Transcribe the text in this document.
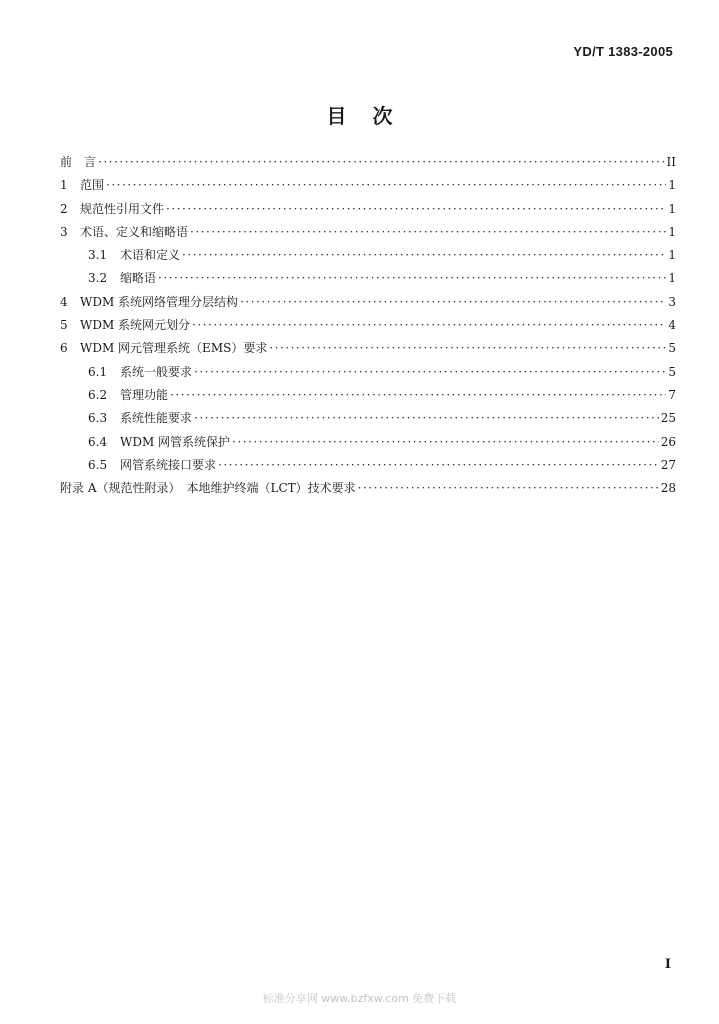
YD/T 1383-2005
目次
前　言 ·····	II
1	范围 ·····	1
2	规范性引用文件 ·····	1
3	术语、定义和缩略语 ·····	1
3.1	术语和定义 ·····	1
3.2	缩略语 ·····	1
4	WDM 系统网络管理分层结构 ·····	3
5	WDM 系统网元划分 ·····	4
6	WDM 网元管理系统（EMS）要求 ·····	5
6.1	系统一般要求 ·····	5
6.2	管理功能 ·····	7
6.3	系统性能要求 ·····	25
6.4	WDM 网管系统保护 ·····	26
6.5	网管系统接口要求 ·····	27
附录 A（规范性附录）　本地维护终端（LCT）技术要求 ·····	28
I
标准分享网 www.bzfxw.com 免费下载
